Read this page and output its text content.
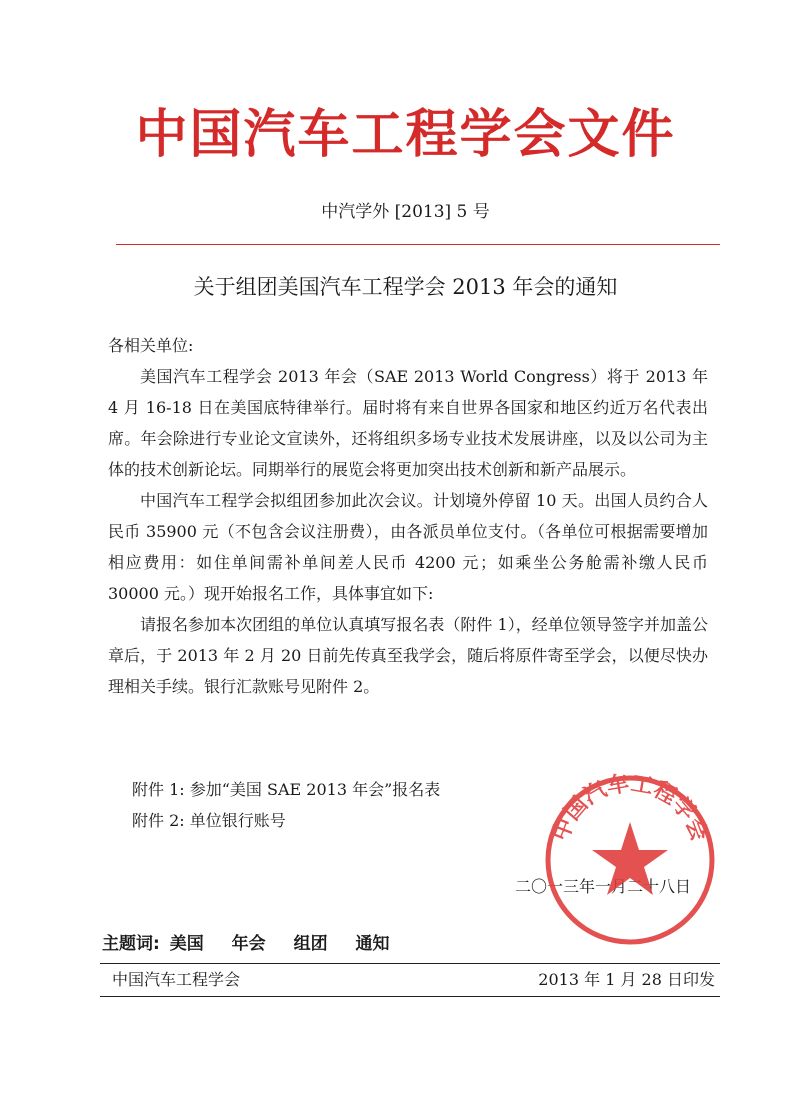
中国汽车工程学会文件
中汽学外 [2013] 5 号
关于组团美国汽车工程学会 2013 年会的通知

各相关单位:

美国汽车工程学会 2013 年会（SAE 2013 World Congress）将于 2013 年 4 月 16-18 日在美国底特律举行。届时将有来自世界各国家和地区约近万名代表出席。年会除进行专业论文宣读外，还将组织多场专业技术发展讲座，以及以公司为主体的技术创新论坛。同期举行的展览会将更加突出技术创新和新产品展示。

中国汽车工程学会拟组团参加此次会议。计划境外停留 10 天。出国人员约合人民币 35900 元（不包含会议注册费），由各派员单位支付。（各单位可根据需要增加相应费用：如住单间需补单间差人民币 4200 元；如乘坐公务舱需补缴人民币 30000 元。）现开始报名工作，具体事宜如下:

请报名参加本次团组的单位认真填写报名表（附件 1），经单位领导签字并加盖公章后，于 2013 年 2 月 20 日前先传真至我学会，随后将原件寄至学会，以便尽快办理相关手续。银行汇款账号见附件 2。

附件 1: 参加“美国 SAE 2013 年会”报名表
附件 2: 单位银行账号
二〇一三年一月二十八日
中国汽车工程学会
主题词: 美国 年会 组团 通知
中国汽车工程学会	2013 年 1 月 28 日印发
